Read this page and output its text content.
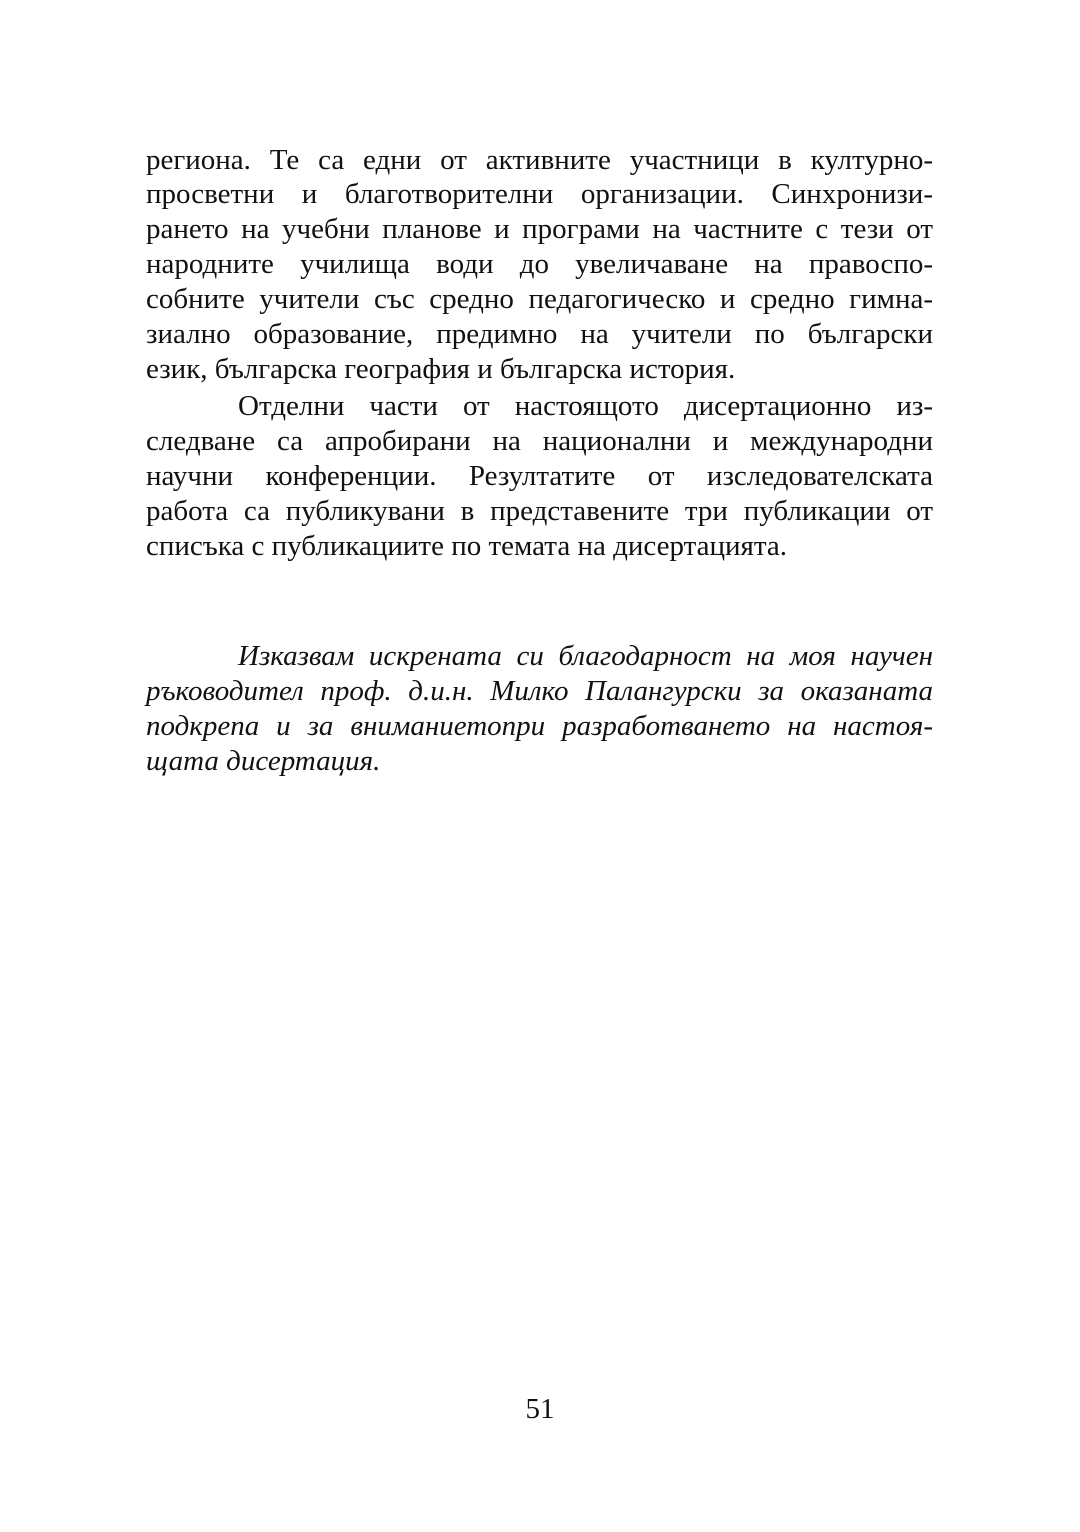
региона. Те са едни от активните участници в културно-
просветни и благотворителни организации. Синхронизи-
рането на учебни планове и програми на частните с тези от
народните училища води до увеличаване на правоспо-
собните учители със средно педагогическо и средно гимна-
зиално образование, предимно на учители по български
език, българска география и българска история.
Отделни части от настоящото дисертационно из-
следване са апробирани на национални и международни
научни конференции. Резултатите от изследователската
работа са публикувани в представените три публикации от
списъка с публикациите по темата на дисертацията.
Изказвам искрената си благодарност на моя научен
ръководител проф. д.и.н. Милко Палангурски за оказаната
подкрепа и за вниманиетопри разработването на настоя-
щата дисертация.
51
